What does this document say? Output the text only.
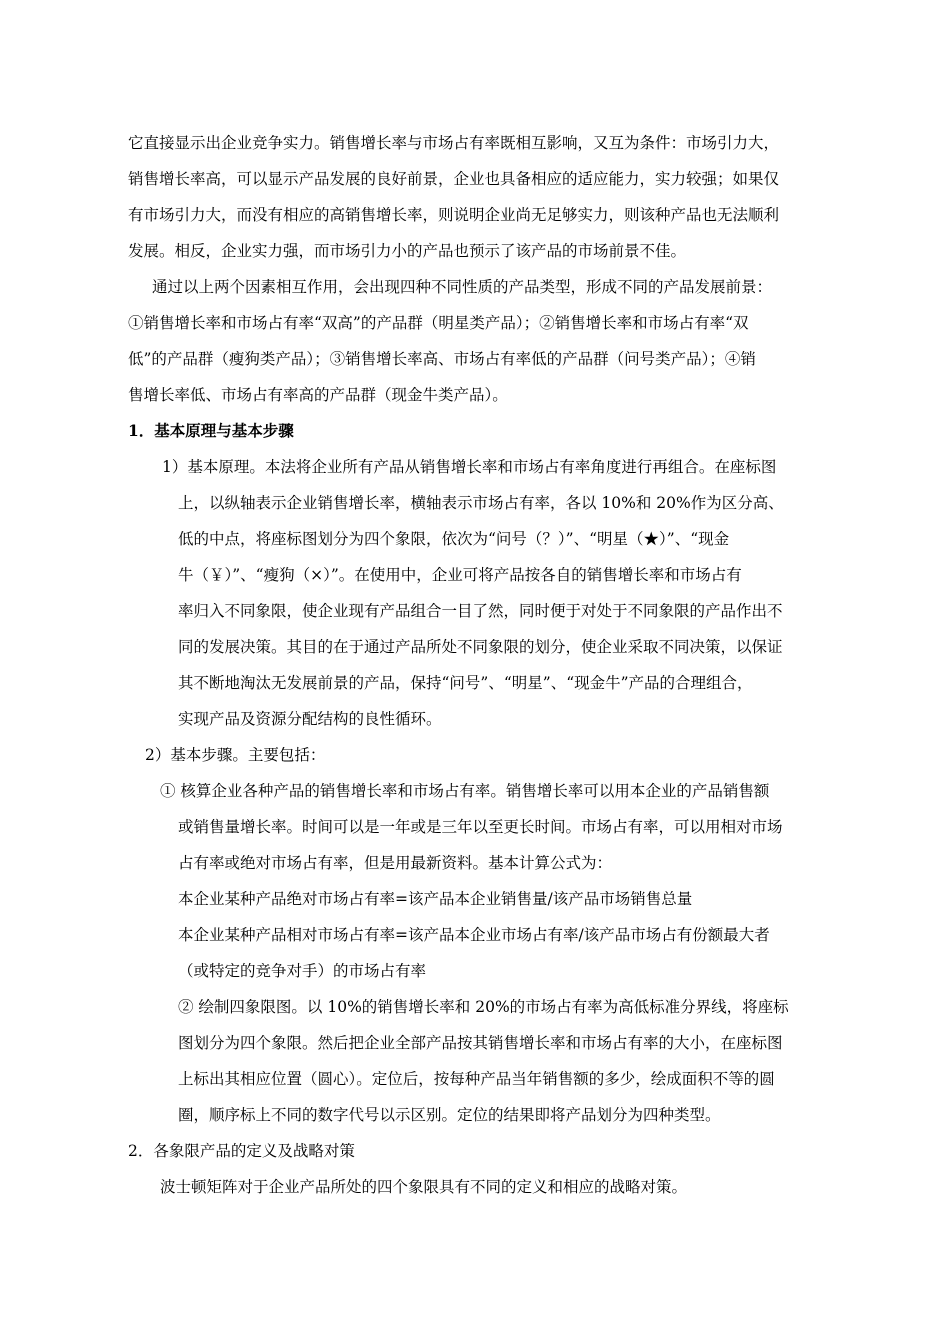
它直接显示出企业竞争实力。销售增长率与市场占有率既相互影响，又互为条件：市场引力大，
销售增长率高，可以显示产品发展的良好前景，企业也具备相应的适应能力，实力较强；如果仅
有市场引力大，而没有相应的高销售增长率，则说明企业尚无足够实力，则该种产品也无法顺利
发展。相反，企业实力强，而市场引力小的产品也预示了该产品的市场前景不佳。
通过以上两个因素相互作用，会出现四种不同性质的产品类型，形成不同的产品发展前景：
①销售增长率和市场占有率“双高”的产品群（明星类产品）；②销售增长率和市场占有率“双
低”的产品群（瘦狗类产品）；③销售增长率高、市场占有率低的产品群（问号类产品）；④销
售增长率低、市场占有率高的产品群（现金牛类产品）。
1．基本原理与基本步骤
1）基本原理。本法将企业所有产品从销售增长率和市场占有率角度进行再组合。在座标图
上，以纵轴表示企业销售增长率，横轴表示市场占有率，各以 10%和 20%作为区分高、
低的中点，将座标图划分为四个象限，依次为“问号（？）”、“明星（★）”、“现金
牛（￥）”、“瘦狗（×）”。在使用中，企业可将产品按各自的销售增长率和市场占有
率归入不同象限，使企业现有产品组合一目了然，同时便于对处于不同象限的产品作出不
同的发展决策。其目的在于通过产品所处不同象限的划分，使企业采取不同决策，以保证
其不断地淘汰无发展前景的产品，保持“问号”、“明星”、“现金牛”产品的合理组合，
实现产品及资源分配结构的良性循环。
2）基本步骤。主要包括：
① 核算企业各种产品的销售增长率和市场占有率。销售增长率可以用本企业的产品销售额
或销售量增长率。时间可以是一年或是三年以至更长时间。市场占有率，可以用相对市场
占有率或绝对市场占有率，但是用最新资料。基本计算公式为：
本企业某种产品绝对市场占有率=该产品本企业销售量/该产品市场销售总量
本企业某种产品相对市场占有率=该产品本企业市场占有率/该产品市场占有份额最大者
（或特定的竞争对手）的市场占有率
② 绘制四象限图。以 10%的销售增长率和 20%的市场占有率为高低标准分界线，将座标
图划分为四个象限。然后把企业全部产品按其销售增长率和市场占有率的大小，在座标图
上标出其相应位置（圆心）。定位后，按每种产品当年销售额的多少，绘成面积不等的圆
圈，顺序标上不同的数字代号以示区别。定位的结果即将产品划分为四种类型。
2．各象限产品的定义及战略对策
波士顿矩阵对于企业产品所处的四个象限具有不同的定义和相应的战略对策。
